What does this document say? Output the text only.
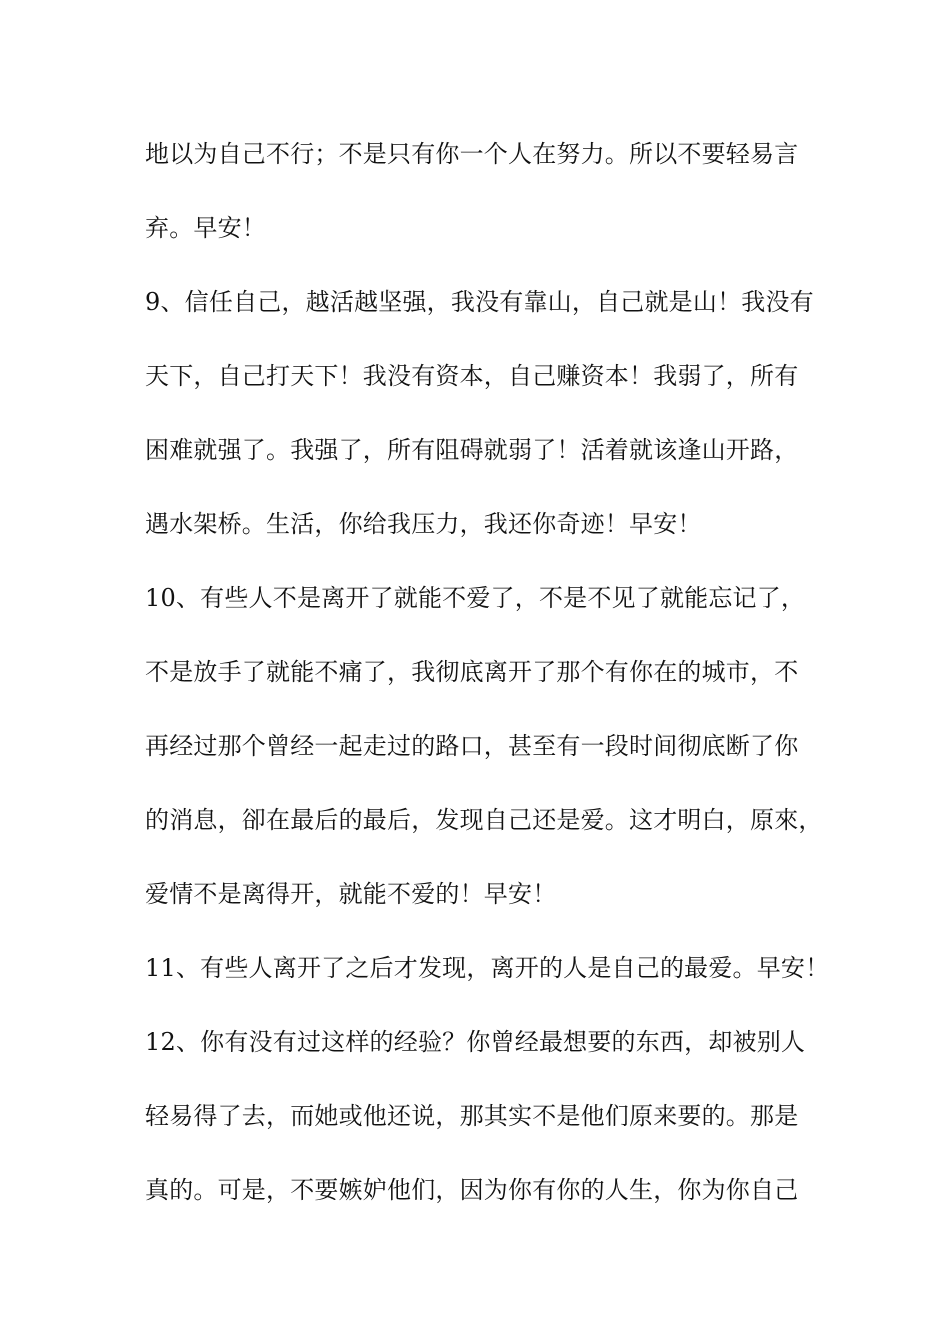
地以为自己不行；不是只有你一个人在努力。所以不要轻易言
弃。早安！
9、信任自己，越活越坚强，我没有靠山，自己就是山！我没有
天下，自己打天下！我没有资本，自己赚资本！我弱了，所有
困难就强了。我强了，所有阻碍就弱了！活着就该逢山开路，
遇水架桥。生活，你给我压力，我还你奇迹！早安！
10、有些人不是离开了就能不爱了，不是不见了就能忘记了，
不是放手了就能不痛了，我彻底离开了那个有你在的城市，不
再经过那个曾经一起走过的路口，甚至有一段时间彻底断了你
的消息，卻在最后的最后，发现自己还是爱。这才明白，原來，
爱情不是离得开，就能不爱的！早安！
11、有些人离开了之后才发现，离开的人是自己的最爱。早安！
12、你有没有过这样的经验？你曾经最想要的东西，却被别人
轻易得了去，而她或他还说，那其实不是他们原来要的。那是
真的。可是，不要嫉妒他们，因为你有你的人生，你为你自己
